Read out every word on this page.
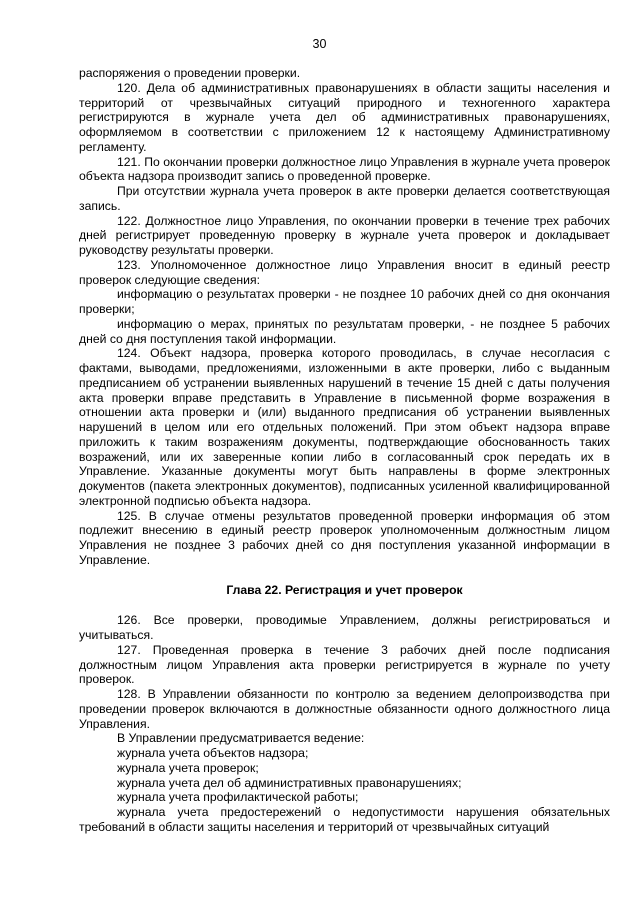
30

распоряжения о проведении проверки.

120. Дела об административных правонарушениях в области защиты населения и территорий от чрезвычайных ситуаций природного и техногенного характера регистрируются в журнале учета дел об административных правонарушениях, оформляемом в соответствии с приложением 12 к настоящему Административному регламенту.

121. По окончании проверки должностное лицо Управления в журнале учета проверок объекта надзора производит запись о проведенной проверке.

При отсутствии журнала учета проверок в акте проверки делается соответствующая запись.

122. Должностное лицо Управления, по окончании проверки в течение трех рабочих дней регистрирует проведенную проверку в журнале учета проверок и докладывает руководству результаты проверки.

123. Уполномоченное должностное лицо Управления вносит в единый реестр проверок следующие сведения:

информацию о результатах проверки - не позднее 10 рабочих дней со дня окончания проверки;

информацию о мерах, принятых по результатам проверки, - не позднее 5 рабочих дней со дня поступления такой информации.

124. Объект надзора, проверка которого проводилась, в случае несогласия с фактами, выводами, предложениями, изложенными в акте проверки, либо с выданным предписанием об устранении выявленных нарушений в течение 15 дней с даты получения акта проверки вправе представить в Управление в письменной форме возражения в отношении акта проверки и (или) выданного предписания об устранении выявленных нарушений в целом или его отдельных положений. При этом объект надзора вправе приложить к таким возражениям документы, подтверждающие обоснованность таких возражений, или их заверенные копии либо в согласованный срок передать их в Управление. Указанные документы могут быть направлены в форме электронных документов (пакета электронных документов), подписанных усиленной квалифицированной электронной подписью объекта надзора.

125. В случае отмены результатов проведенной проверки информация об этом подлежит внесению в единый реестр проверок уполномоченным должностным лицом Управления не позднее 3 рабочих дней со дня поступления указанной информации в Управление.

Глава 22. Регистрация и учет проверок

126. Все проверки, проводимые Управлением, должны регистрироваться и учитываться.

127. Проведенная проверка в течение 3 рабочих дней после подписания должностным лицом Управления акта проверки регистрируется в журнале по учету проверок.

128. В Управлении обязанности по контролю за ведением делопроизводства при проведении проверок включаются в должностные обязанности одного должностного лица Управления.

В Управлении предусматривается ведение:

журнала учета объектов надзора;

журнала учета проверок;

журнала учета дел об административных правонарушениях;

журнала учета профилактической работы;

журнала учета предостережений о недопустимости нарушения обязательных требований в области защиты населения и территорий от чрезвычайных ситуаций
